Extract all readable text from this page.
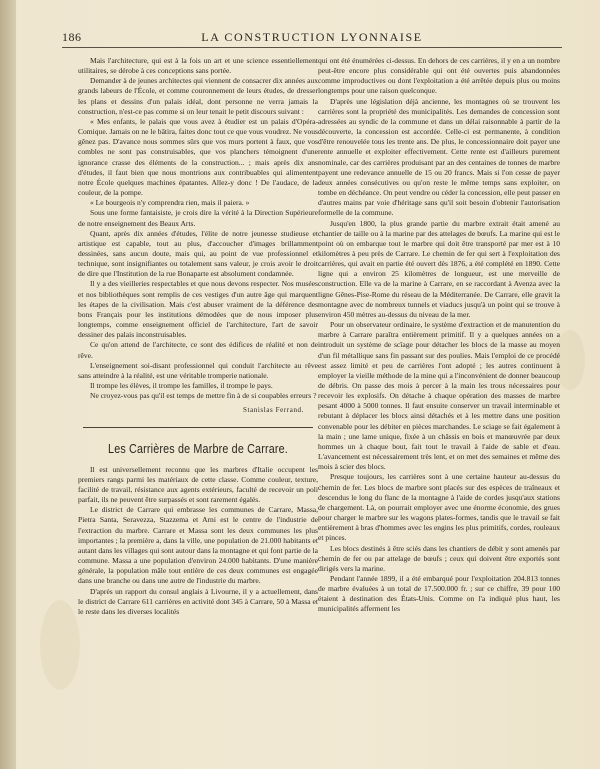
186	LA CONSTRUCTION LYONNAISE

Mais l'architecture, qui est à la fois un art et une science essentiellement utilitaires, se dérobe à ces conceptions sans portée.

Demander à de jeunes architectes qui viennent de consacrer dix années aux grands labeurs de l'École, et comme couronnement de leurs études, de dresser les plans et dessins d'un palais idéal, dont personne ne verra jamais la construction, n'est-ce pas comme si on leur tenait le petit discours suivant :

« Mes enfants, le palais que vous avez à étudier est un palais d'Opéra-Comique. Jamais on ne le bâtira, faites donc tout ce que vous voudrez. Ne vous gênez pas. D'avance nous sommes sûrs que vos murs portent à faux, que vos combles ne sont pas construisables, que vos planchers témoignent d'une ignorance crasse des éléments de la construction... ; mais après dix ans d'études, il faut bien que nous montrions aux contribuables qui alimentent notre École quelques machines épatantes. Allez-y donc ! De l'audace, de la couleur, de la pompe.

« Le bourgeois n'y comprendra rien, mais il paiera. »

Sous une forme fantaisiste, je crois dire la vérité à la Direction Supérieure de notre enseignement des Beaux Arts.

Quant, après dix années d'études, l'élite de notre jeunesse studieuse et artistique est capable, tout au plus, d'accoucher d'images brillamment dessinées, sans aucun doute, mais qui, au point de vue professionnel et technique, sont insignifiantes ou totalement sans valeur, je crois avoir le droit de dire que l'Institution de la rue Bonaparte est absolument condamnée.

Il y a des vieilleries respectables et que nous devons respecter. Nos musées et nos bibliothèques sont remplis de ces vestiges d'un autre âge qui marquent les étapes de la civilisation. Mais c'est abuser vraiment de la déférence des bons Français pour les institutions démodées que de nous imposer plus longtemps, comme enseignement officiel de l'architecture, l'art de savoir dessiner des palais inconstruisables.

Ce qu'on attend de l'architecte, ce sont des édifices de réalité et non de rêve.

L'enseignement soi-disant professionnel qui conduit l'architecte au rêve sans atteindre à la réalité, est une véritable tromperie nationale.

Il trompe les élèves, il trompe les familles, il trompe le pays.

Ne croyez-vous pas qu'il est temps de mettre fin à de si coupables erreurs ?

Stanislas Ferrand.
Les Carrières de Marbre de Carrare.

Il est universellement reconnu que les marbres d'Italie occupent les premiers rangs parmi les matériaux de cette classe. Comme couleur, texture, facilité de travail, résistance aux agents extérieurs, faculté de recevoir un poli parfait, ils ne peuvent être surpassés et sont rarement égalés.

Le district de Carrare qui embrasse les communes de Carrare, Massa, Pietra Santa, Seravezza, Stazzema et Arni est le centre de l'industrie de l'extraction du marbre. Carrare et Massa sont les deux communes les plus importantes ; la première a, dans la ville, une population de 21.000 habitants et autant dans les villages qui sont autour dans la montagne et qui font partie de la commune. Massa a une population d'environ 24.000 habitants. D'une manière générale, la population mâle tout entière de ces deux communes est engagée dans une branche ou dans une autre de l'industrie du marbre.

D'après un rapport du consul anglais à Livourne, il y a actuellement, dans le district de Carrare 611 carrières en activité dont 345 à Carrare, 50 à Massa et le reste dans les diverses localités

qui ont été énumérées ci-dessus. En dehors de ces carrières, il y en a un nombre peut-être encore plus considérable qui ont été ouvertes puis abandonnées comme improductives ou dont l'exploitation a été arrêtée depuis plus ou moins longtemps pour une raison quelconque.

D'après une législation déjà ancienne, les montagnes où se trouvent les carrières sont la propriété des municipalités. Les demandes de concession sont adressées au syndic de la commune et dans un délai raisonnable à partir de la découverte, la concession est accordée. Celle-ci est permanente, à condition d'être renouvelée tous les trente ans. De plus, le concessionnaire doit payer une rente annuelle et exploiter effectivement. Cette rente est d'ailleurs purement nominale, car des carrières produisant par an des centaines de tonnes de marbre payent une redevance annuelle de 15 ou 20 francs. Mais si l'on cesse de payer deux années consécutives ou qu'on reste le même temps sans exploiter, on tombe en déchéance. On peut vendre ou céder la concession, elle peut passer en d'autres mains par voie d'héritage sans qu'il soit besoin d'obtenir l'autorisation formelle de la commune.

Jusqu'en 1800, la plus grande partie du marbre extrait était amené au chantier de taille ou à la marine par des attelages de bœufs. La marine qui est le point où on embarque tout le marbre qui doit être transporté par mer est à 10 kilomètres à peu près de Carrare. Le chemin de fer qui sert à l'exploitation des carrières, qui avait en partie été ouvert dès 1876, a été complété en 1890. Cette ligne qui a environ 25 kilomètres de longueur, est une merveille de construction. Elle va de la marine à Carrare, en se raccordant à Avenza avec la ligne Gênes-Pise-Rome du réseau de la Méditerranée. De Carrare, elle gravit la montagne avec de nombreux tunnels et viaducs jusqu'à un point qui se trouve à environ 450 mètres au-dessus du niveau de la mer.

Pour un observateur ordinaire, le système d'extraction et de manutention du marbre à Carrare paraîtra entièrement primitif. Il y a quelques années on a introduit un système de scîage pour détacher les blocs de la masse au moyen d'un fil métallique sans fin passant sur des poulies. Mais l'emploi de ce procédé est assez limité et peu de carrières l'ont adopté ; les autres continuent à employer la vieille méthode de la mine qui a l'inconvénient de donner beaucoup de débris. On passe des mois à percer à la main les trous nécessaires pour recevoir les explosifs. On détache à chaque opération des masses de marbre pesant 4000 à 5000 tonnes. Il faut ensuite conserver un travail interminable et rebutant à déplacer les blocs ainsi détachés et à les mettre dans une position convenable pour les débiter en pièces marchandes. Le sciage se fait également à la main ; une lame unique, fixée à un châssis en bois et manœuvrée par deux hommes un à chaque bout, fait tout le travail à l'aide de sable et d'eau. L'avancement est nécessairement très lent, et on met des semaines et même des mois à scier des blocs.

Presque toujours, les carrières sont à une certaine hauteur au-dessus du chemin de fer. Les blocs de marbre sont placés sur des espèces de traîneaux et descendus le long du flanc de la montagne à l'aide de cordes jusqu'aux stations de chargement. Là, on pourrait employer avec une énorme économie, des grues pour charger le marbre sur les wagons plates-formes, tandis que le travail se fait entièrement à bras d'hommes avec les engins les plus primitifs, cordes, rouleaux et pinces.

Les blocs destinés à être sciés dans les chantiers de débit y sont amenés par chemin de fer ou par attelage de bœufs ; ceux qui doivent être exportés sont dirigés vers la marine.

Pendant l'année 1899, il a été embarqué pour l'exploitation 204.813 tonnes de marbre évaluées à un total de 17.500.000 fr. ; sur ce chiffre, 39 pour 100 étaient à destination des États-Unis. Comme on l'a indiqué plus haut, les municipalités afferment les
